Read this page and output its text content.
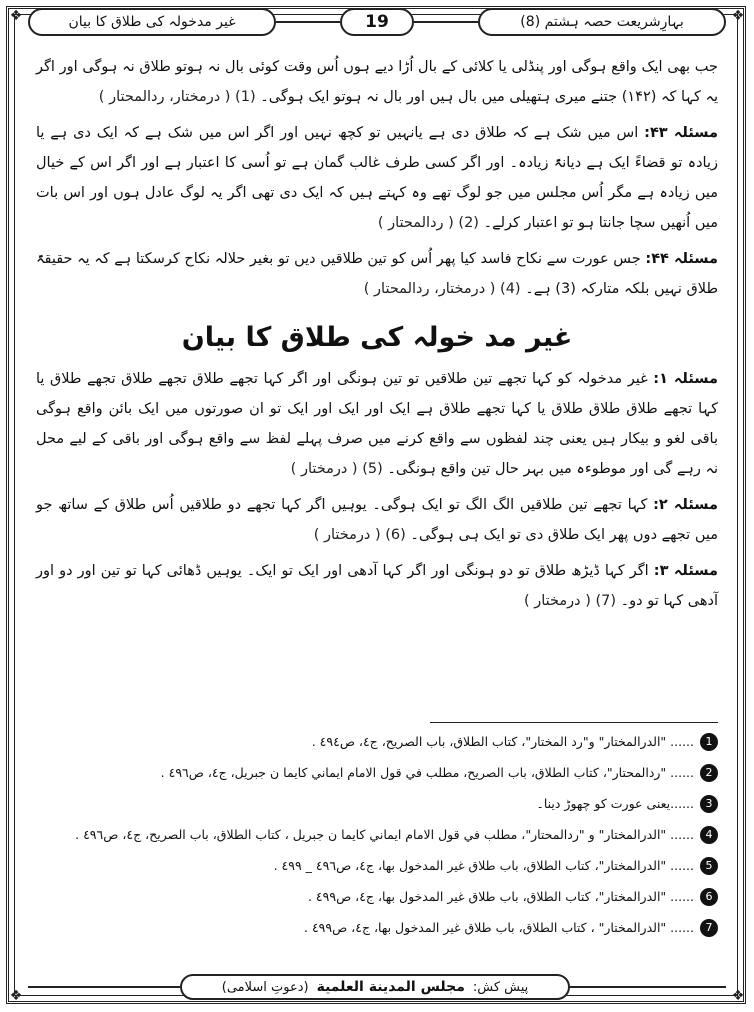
❖	❖
❖	❖
بہارِشریعت حصہ ہشتم (8)
19
غیر مدخولہ کی طلاق کا بیان

جب بھی ایک واقع ہوگی اور پنڈلی یا کلائی کے بال اُڑا دیے ہوں اُس وقت کوئی بال نہ ہوتو طلاق نہ ہوگی اور اگر یہ کہا کہ (۱۴۲) جتنے میری ہتھیلی میں بال ہیں اور بال نہ ہوتو ایک ہوگی۔ (1) ( درمختار، ردالمحتار )

مسئلہ ۴۳: اس میں شک ہے کہ طلاق دی ہے یانہیں تو کچھ نہیں اور اگر اس میں شک ہے کہ ایک دی ہے یا زیادہ تو قضاءً ایک ہے دیانۃً زیادہ۔ اور اگر کسی طرف غالب گمان ہے تو اُسی کا اعتبار ہے اور اگر اس کے خیال میں زیادہ ہے مگر اُس مجلس میں جو لوگ تھے وہ کہتے ہیں کہ ایک دی تھی اگر یہ لوگ عادل ہوں اور اس بات میں اُنھیں سچا جانتا ہو تو اعتبار کرلے۔ (2) ( ردالمحتار )

مسئلہ ۴۴: جس عورت سے نکاح فاسد کیا پھر اُس کو تین طلاقیں دیں تو بغیر حلالہ نکاح کرسکتا ہے کہ یہ حقیقۃً طلاق نہیں بلکہ متارکہ (3) ہے۔ (4) ( درمختار، ردالمحتار )

غیر مد خولہ کی طلاق کا بیان

مسئلہ ۱: غیر مدخولہ کو کہا تجھے تین طلاقیں تو تین ہونگی اور اگر کہا تجھے طلاق تجھے طلاق تجھے طلاق یا کہا تجھے طلاق طلاق طلاق یا کہا تجھے طلاق ہے ایک اور ایک اور ایک تو ان صورتوں میں ایک بائن واقع ہوگی باقی لغو و بیکار ہیں یعنی چند لفظوں سے واقع کرنے میں صرف پہلے لفظ سے واقع ہوگی اور باقی کے لیے محل نہ رہے گی اور موطوءہ میں بہر حال تین واقع ہونگی۔ (5) ( درمختار )

مسئلہ ۲: کہا تجھے تین طلاقیں الگ الگ تو ایک ہوگی۔ یوہیں اگر کہا تجھے دو طلاقیں اُس طلاق کے ساتھ جو میں تجھے دوں پھر ایک طلاق دی تو ایک ہی ہوگی۔ (6) ( درمختار )

مسئلہ ۳: اگر کہا ڈیڑھ طلاق تو دو ہونگی اور اگر کہا آدھی اور ایک تو ایک۔ یوہیں ڈھائی کہا تو تین اور دو اور آدھی کہا تو دو۔ (7) ( درمختار )

1
...... "الدرالمختار" و"رد المختار"، كتاب الطلاق، باب الصريح، ج٤، ص٤٩٤ .
2
...... "ردالمحتار"، كتاب الطلاق، باب الصريح، مطلب في قول الامام ايماني كايما ن جبريل، ج٤، ص٤٩٦ .
3
......یعنی عورت کو چھوڑ دینا۔
4
...... "الدرالمختار" و "ردالمحتار"، مطلب في قول الامام ايماني كايما ن جبريل ، كتاب الطلاق، باب الصريح، ج٤، ص٤٩٦ .
5
...... "الدرالمختار"، كتاب الطلاق، باب طلاق غير المدخول بها، ج٤، ص٤٩٦ _ ٤٩٩ .
6
...... "الدرالمختار"، كتاب الطلاق، باب طلاق غير المدخول بها، ج٤، ص٤٩٩ .
7
...... "الدرالمختار" ، كتاب الطلاق، باب طلاق غير المدخول بها، ج٤، ص٤٩٩ .
پیش کش:
مجلس المدينة العلمية
(دعوتِ اسلامی)
